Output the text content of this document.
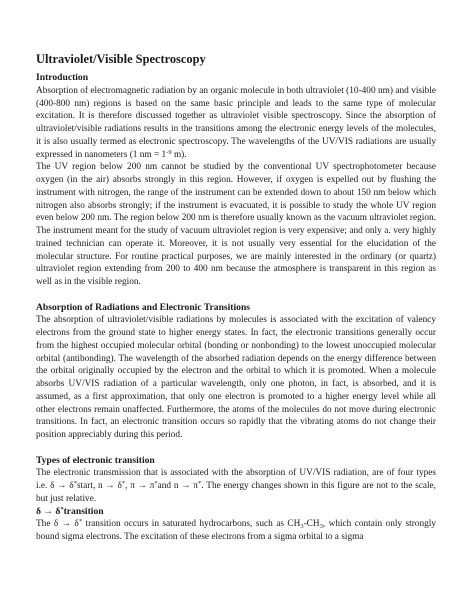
Ultraviolet/Visible Spectroscopy
Introduction

Absorption of electromagnetic radiation by an organic molecule in both ultraviolet (10-400 nm) and visible (400-800 nm) regions is based on the same basic principle and leads to the same type of molecular excitation. It is therefore discussed together as ultraviolet visible spectroscopy. Since the absorption of ultraviolet/visible radiations results in the transitions among the electronic energy levels of the molecules, it is also usually termed as electronic spectroscopy. The wavelengths of the UV/VIS radiations are usually expressed in nanometers (1 nm = $1^{-9}$ m).

The UV region below 200 nm cannot be studied by the conventional UV spectrophotometer because oxygen (in the air) absorbs strongly in this region. However, if oxygen is expelled out by flushing the instrument with nitrogen, the range of the instrument can be extended down to about 150 nm below which nitrogen also absorbs strongly; if the instrument is evacuated, it is possible to study the whole UV region even below 200 nm. The region below 200 nm is therefore usually known as the vacuum ultraviolet region. The instrument meant for the study of vacuum ultraviolet region is very expensive; and only a. very highly trained technician can operate it. Moreover, it is not usually very essential for the elucidation of the molecular structure. For routine practical purposes, we are mainly interested in the ordinary (or quartz) ultraviolet region extending from 200 to 400 nm because the atmosphere is transparent in this region as well as in the visible region.

Absorption of Radiations and Electronic Transitions

The absorption of ultraviolet/visible radiations by molecules is associated with the excitation of valency electrons from the ground state to higher energy states. In fact, the electronic transitions generally occur from the highest occupied molecular orbital (bonding or nonbonding) to the lowest unoccupied molecular orbital (antibonding). The wavelength of the absorbed radiation depends on the energy difference between the orbital originally occupied by the electron and the orbital to which it is promoted. When a molecule absorbs UV/VIS radiation of a particular wavelength, only one photon, in fact, is absorbed, and it is assumed, as a first approximation, that only one electron is promoted to a higher energy level while all other electrons remain unaffected. Furthermore, the atoms of the molecules do not move during electronic transitions. In fact, an electronic transition occurs so rapidly that the vibrating atoms do not change their position appreciably during this period.

Types of electronic transition

The electronic transmission that is associated with the absorption of UV/VIS radiation, are of four types i.e. δ → δ*start, n → δ*, π → π*and n → π*. The energy changes shown in this figure are not to the scale, but just relative.

δ → δ*transition

The δ → δ* transition occurs in saturated hydrocarbons, such as $CH_3-CH_3$, which contain only strongly bound sigma electrons. The excitation of these electrons from a sigma orbital to a sigma
